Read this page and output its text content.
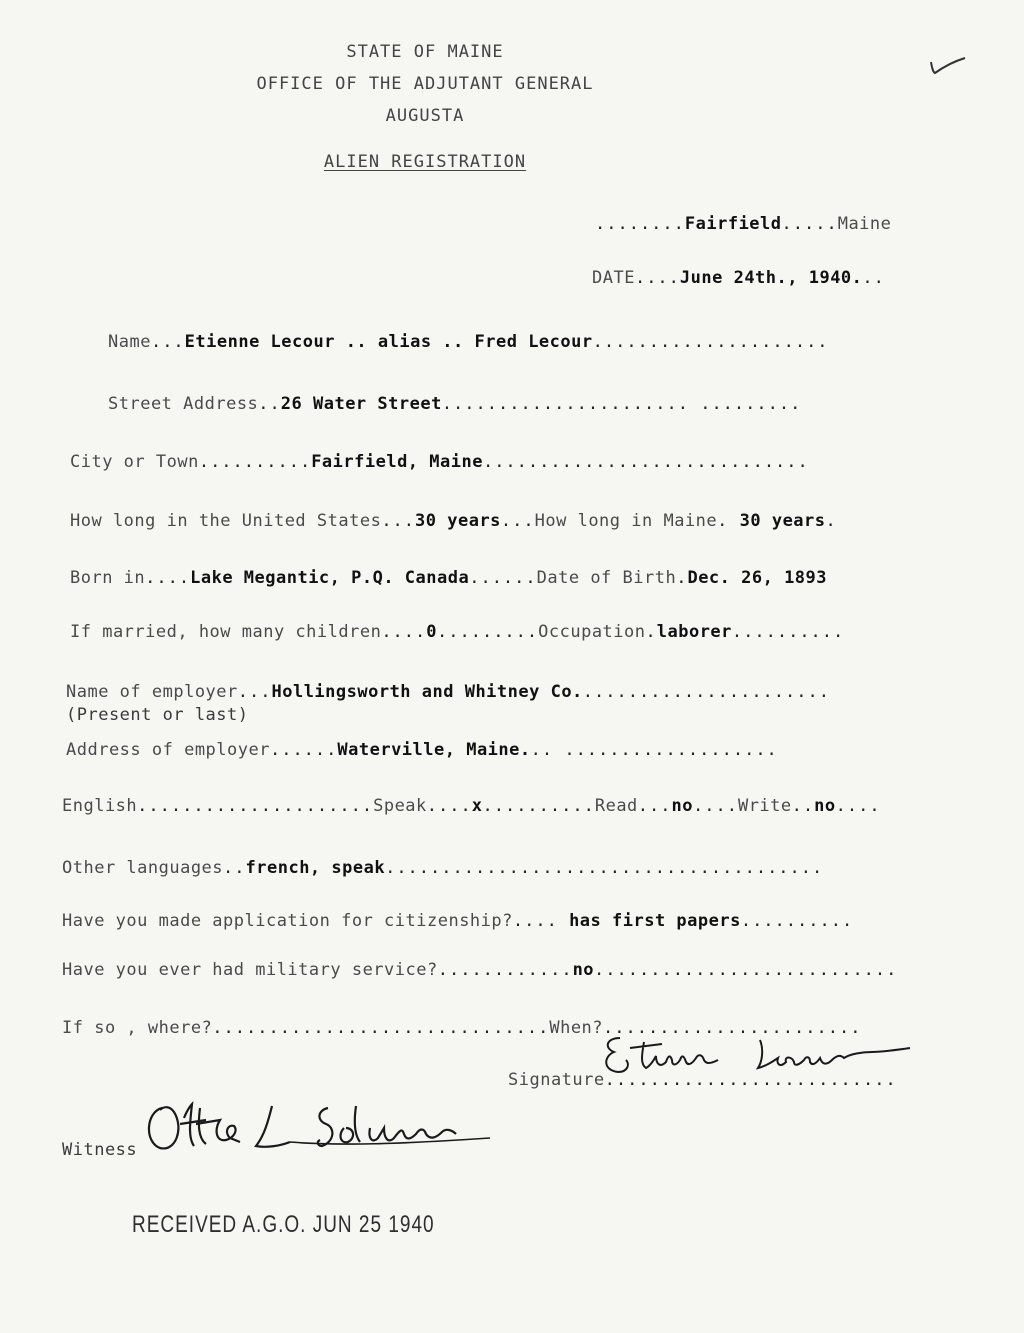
STATE OF MAINE
OFFICE OF THE ADJUTANT GENERAL
AUGUSTA
ALIEN REGISTRATION
........Fairfield.....Maine
DATE....June 24th., 1940...
Name...Etienne Lecour .. alias .. Fred Lecour.....................
Street Address..26 Water Street...................... .........
City or Town..........Fairfield, Maine.............................
How long in the United States...30 years...How long in Maine. 30 years.
Born in....Lake Megantic, P.Q. Canada......Date of Birth.Dec. 26, 1893
If married, how many children....0.........Occupation.laborer..........
Name of employer...Hollingsworth and Whitney Co.......................
(Present or last)
Address of employer......Waterville, Maine... ...................
English.....................Speak....x..........Read...no....Write..no....
Other languages..french, speak.......................................
Have you made application for citizenship?.... has first papers..........
Have you ever had military service?............no...........................
If so , where?..............................When?.......................
Signature..........................
Witness
RECEIVED A.G.O. JUN 25 1940
